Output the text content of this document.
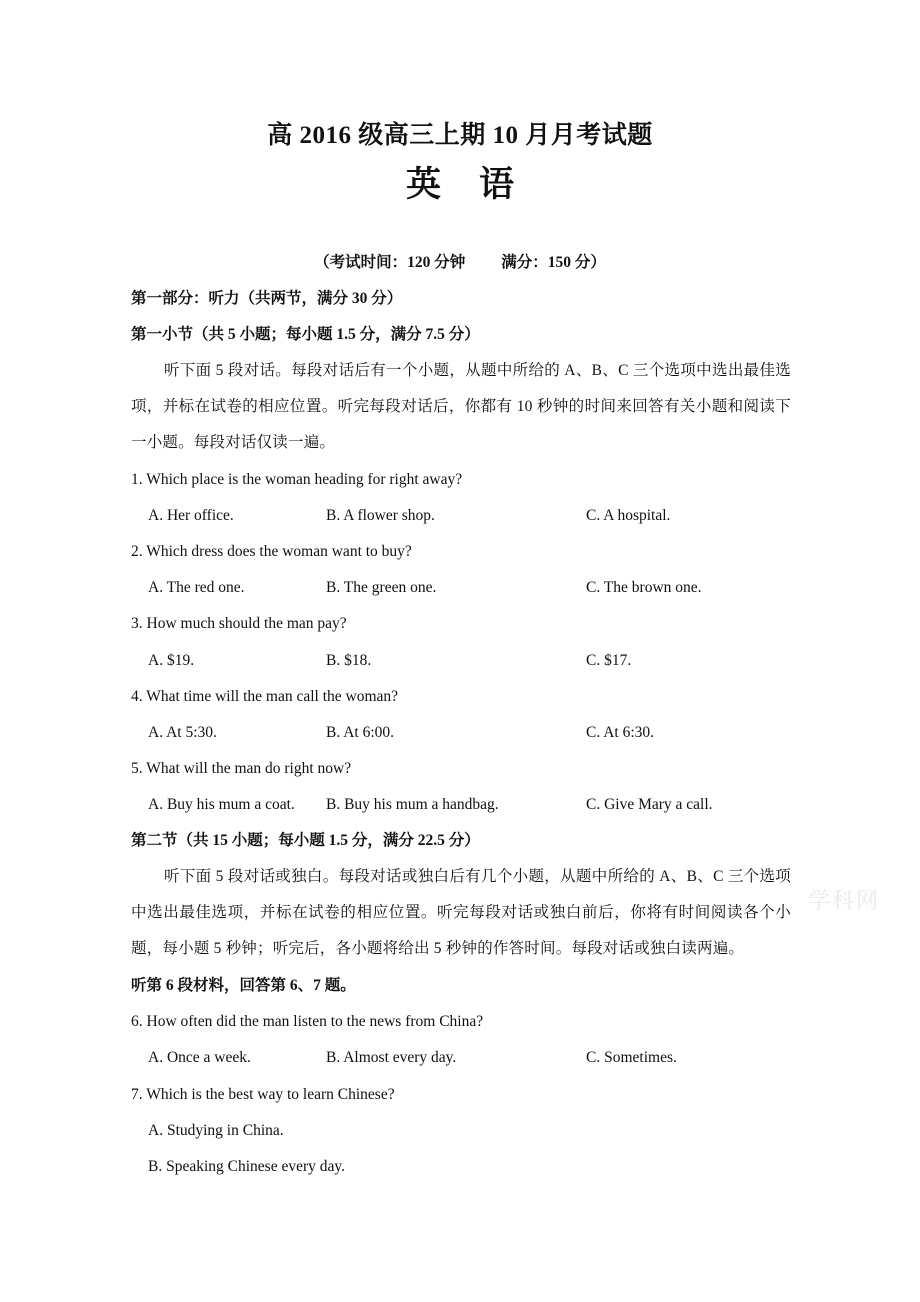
高 2016 级高三上期 10 月月考试题
英 语
（考试时间：120 分钟 满分：150 分）
第一部分：听力（共两节，满分 30 分）
第一小节（共 5 小题；每小题 1.5 分，满分 7.5 分）
听下面 5 段对话。每段对话后有一个小题，从题中所给的 A、B、C 三个选项中选出最佳选项，并标在试卷的相应位置。听完每段对话后，你都有 10 秒钟的时间来回答有关小题和阅读下一小题。每段对话仅读一遍。
1. Which place is the woman heading for right away?
A. Her office.	B. A flower shop.	C. A hospital.
2. Which dress does the woman want to buy?
A. The red one.	B. The green one.	C. The brown one.
3. How much should the man pay?
A. $19.	B. $18.	C. $17.
4. What time will the man call the woman?
A. At 5:30.	B. At 6:00.	C. At 6:30.
5. What will the man do right now?
A. Buy his mum a coat. B. Buy his mum a handbag.	C. Give Mary a call.
第二节（共 15 小题；每小题 1.5 分，满分 22.5 分）
听下面 5 段对话或独白。每段对话或独白后有几个小题，从题中所给的 A、B、C 三个选项中选出最佳选项，并标在试卷的相应位置。听完每段对话或独白前后，你将有时间阅读各个小题，每小题 5 秒钟；听完后，各小题将给出 5 秒钟的作答时间。每段对话或独白读两遍。
听第 6 段材料，回答第 6、7 题。
6. How often did the man listen to the news from China?
A. Once a week.	B. Almost every day.	C. Sometimes.
7. Which is the best way to learn Chinese?
A. Studying in China.
B. Speaking Chinese every day.
学科网
